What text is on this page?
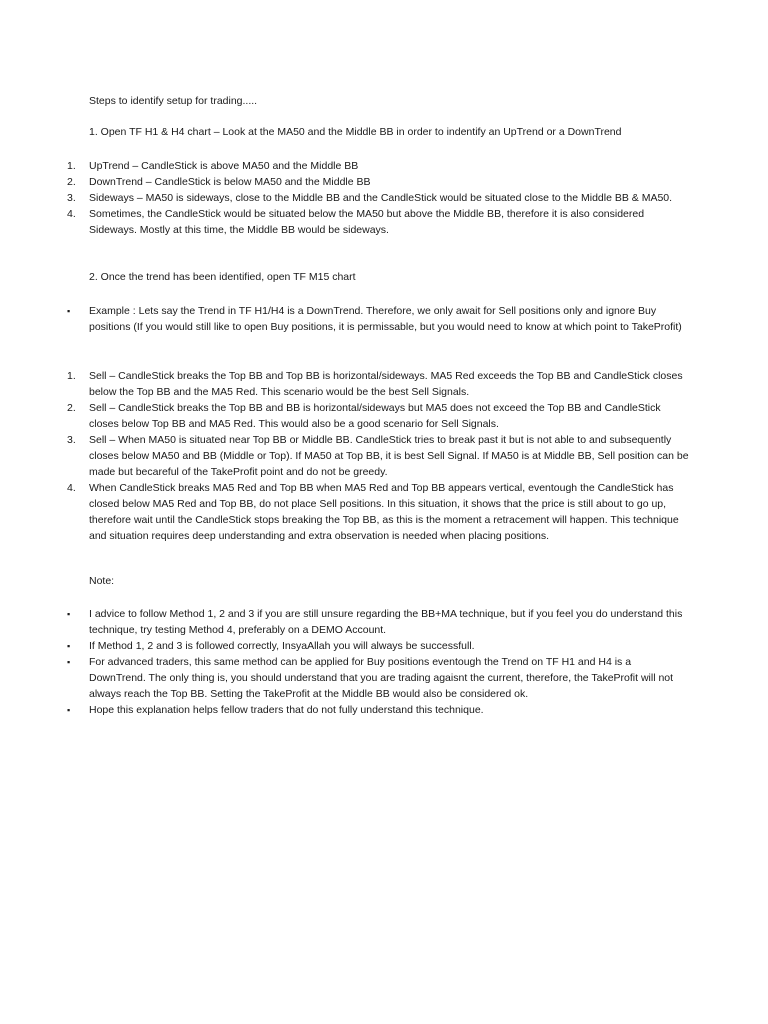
Steps to identify setup for trading.....

1. Open TF H1 & H4 chart – Look at the MA50 and the Middle BB in order to indentify an UpTrend or a DownTrend

1. UpTrend – CandleStick is above MA50 and the Middle BB
2. DownTrend – CandleStick is below MA50 and the Middle BB
3. Sideways – MA50 is sideways, close to the Middle BB and the CandleStick would be situated close to the Middle BB & MA50.
4. Sometimes, the CandleStick would be situated below the MA50 but above the Middle BB, therefore it is also considered Sideways. Mostly at this time, the Middle BB would be sideways.

2. Once the trend has been identified, open TF M15 chart

▪ Example : Lets say the Trend in TF H1/H4 is a DownTrend. Therefore, we only await for Sell positions only and ignore Buy positions (If you would still like to open Buy positions, it is permissable, but you would need to know at which point to TakeProfit)
1. Sell – CandleStick breaks the Top BB and Top BB is horizontal/sideways. MA5 Red exceeds the Top BB and CandleStick closes below the Top BB and the MA5 Red. This scenario would be the best Sell Signals.
2. Sell – CandleStick breaks the Top BB and BB is horizontal/sideways but MA5 does not exceed the Top BB and CandleStick closes below Top BB and MA5 Red. This would also be a good scenario for Sell Signals.
3. Sell – When MA50 is situated near Top BB or Middle BB. CandleStick tries to break past it but is not able to and subsequently closes below MA50 and BB (Middle or Top). If MA50 at Top BB, it is best Sell Signal. If MA50 is at Middle BB, Sell position can be made but becareful of the TakeProfit point and do not be greedy.
4. When CandleStick breaks MA5 Red and Top BB when MA5 Red and Top BB appears vertical, eventough the CandleStick has closed below MA5 Red and Top BB, do not place Sell positions. In this situation, it shows that the price is still about to go up, therefore wait until the CandleStick stops breaking the Top BB, as this is the moment a retracement will happen. This technique and situation requires deep understanding and extra observation is needed when placing positions.

Note:

▪ I advice to follow Method 1, 2 and 3 if you are still unsure regarding the BB+MA technique, but if you feel you do understand this technique, try testing Method 4, preferably on a DEMO Account.
▪ If Method 1, 2 and 3 is followed correctly, InsyaAllah you will always be successfull.
▪ For advanced traders, this same method can be applied for Buy positions eventough the Trend on TF H1 and H4 is a DownTrend. The only thing is, you should understand that you are trading agaisnt the current, therefore, the TakeProfit will not always reach the Top BB. Setting the TakeProfit at the Middle BB would also be considered ok.
▪ Hope this explanation helps fellow traders that do not fully understand this technique.
